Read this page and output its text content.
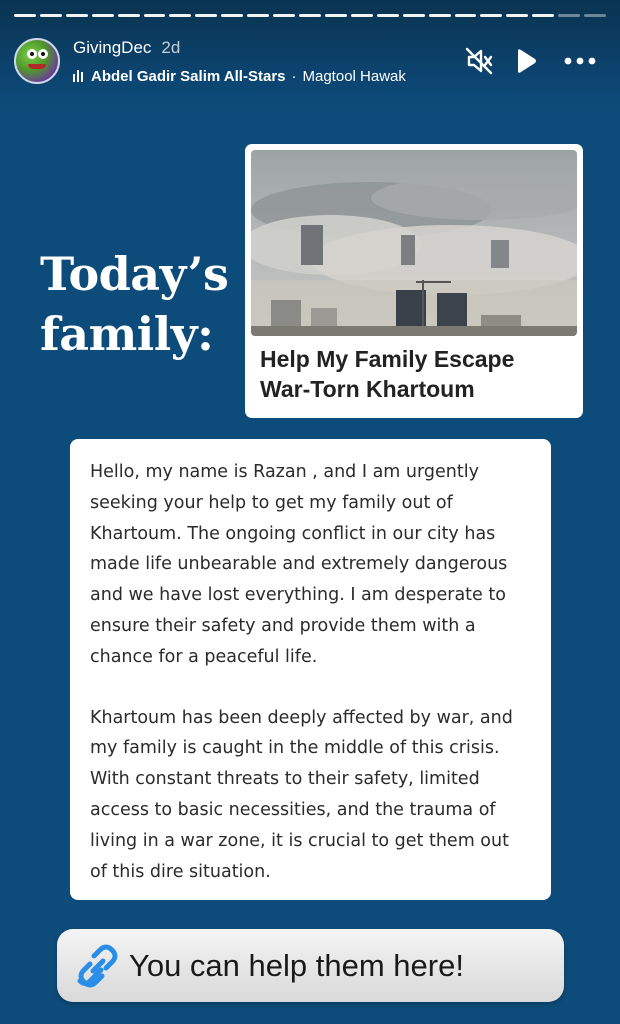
GivingDec 2d
Abdel Gadir Salim All-Stars · Magtool Hawak
Today’s
family:	Help My Family Escape War-Torn Khartoum

Hello, my name is Razan , and I am urgently seeking your help to get my family out of Khartoum. The ongoing conflict in our city has made life unbearable and extremely dangerous and we have lost everything. I am desperate to ensure their safety and provide them with a chance for a peaceful life.

Khartoum has been deeply affected by war, and my family is caught in the middle of this crisis. With constant threats to their safety, limited access to basic necessities, and the trauma of living in a war zone, it is crucial to get them out of this dire situation.

You can help them here!
